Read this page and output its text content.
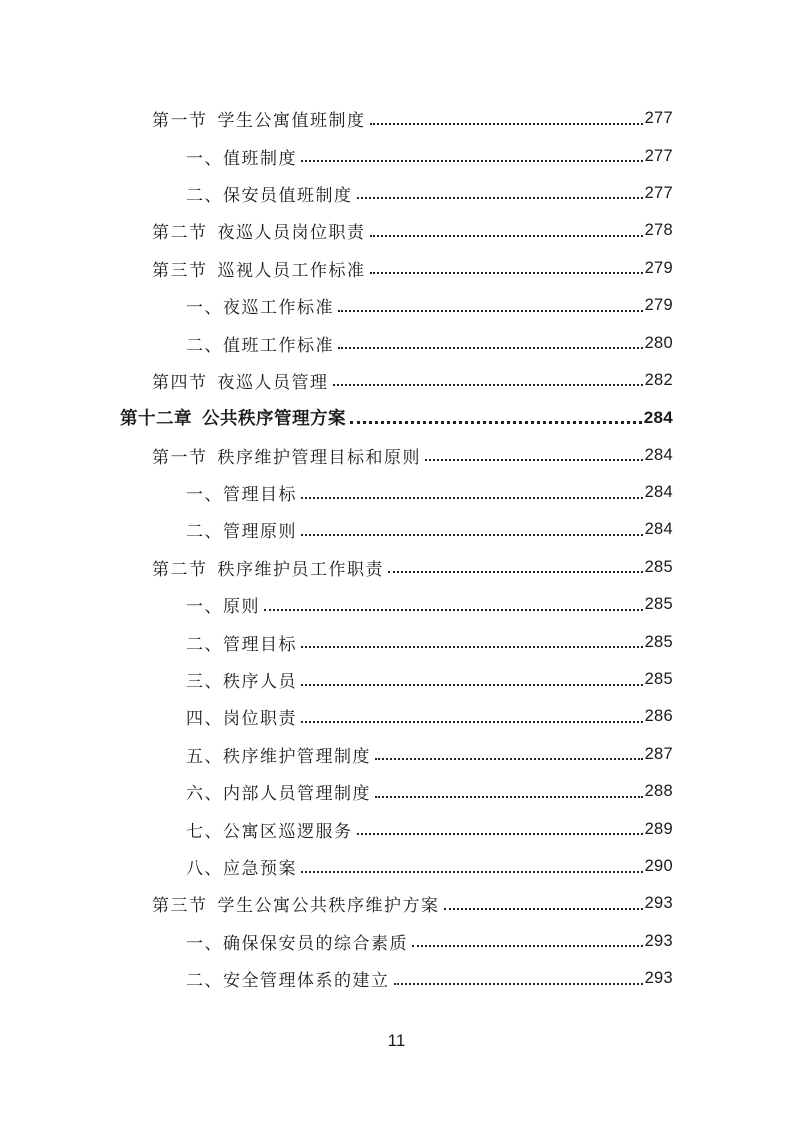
第一节 学生公寓值班制度	277
一、值班制度	277
二、保安员值班制度	277
第二节 夜巡人员岗位职责	278
第三节 巡视人员工作标准	279
一、夜巡工作标准	279
二、值班工作标准	280
第四节 夜巡人员管理	282
第十二章 公共秩序管理方案	284
第一节 秩序维护管理目标和原则	284
一、管理目标	284
二、管理原则	284
第二节 秩序维护员工作职责	285
一、原则	285
二、管理目标	285
三、秩序人员	285
四、岗位职责	286
五、秩序维护管理制度	287
六、内部人员管理制度	288
七、公寓区巡逻服务	289
八、应急预案	290
第三节 学生公寓公共秩序维护方案	293
一、确保保安员的综合素质	293
二、安全管理体系的建立	293
11
